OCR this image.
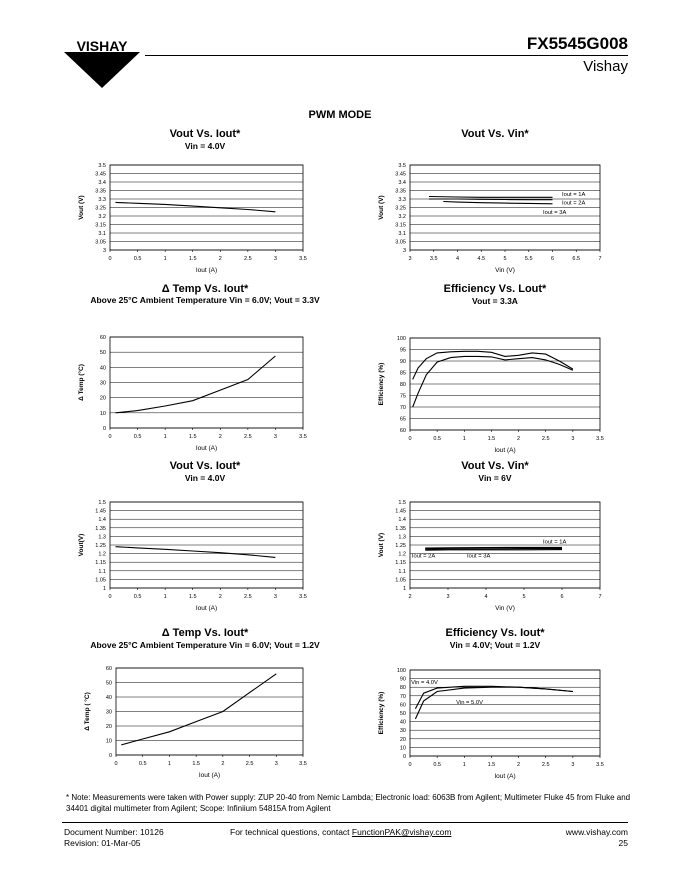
VISHAY	FX5545G008
Vishay
PWM MODE
Vout Vs. Iout*
Vin = 4.0V
Vout Vs. Vin*
Δ Temp Vs. Iout*
Above 25°C Ambient Temperature Vin = 6.0V; Vout = 3.3V
Efficiency Vs. Lout*
Vout = 3.3A
Vout Vs. Iout*
Vin = 4.0V
Vout Vs. Vin*
Vin = 6V
Δ Temp Vs. Iout*
Above 25°C Ambient Temperature Vin = 6.0V; Vout = 1.2V
Efficiency Vs. Iout*
Vin = 4.0V; Vout = 1.2V
3
3.05
3.1
3.15
3.2
3.25
3.3
3.35
3.4
3.45
3.5
0	0.5	1	1.5	2	2.5	3	3.5
Iout (A)
Vout (V)
3
3.05
3.1
3.15
3.2
3.25
3.3
3.35
3.4
3.45
3.5
3	3.5	4	4.5	5	5.5	6	6.5	7
Vin (V)
Vout (V)
Iout = 1A
Iout = 2A
Iout = 3A
0
10
20
30
40
50
60
0	0.5	1	1.5	2	2.5	3	3.5
Iout (A)
Δ Temp (°C)
60
65
70
75
80
85
90
95
100
0	0.5	1	1.5	2	2.5	3	3.5
Iout (A)
Efficiency (%)
1
1.05
1.1
1.15
1.2
1.25
1.3
1.35
1.4
1.45
1.5
0	0.5	1	1.5	2	2.5	3	3.5
Iout (A)
Vout(V)
1
1.05
1.1
1.15
1.2
1.25
1.3
1.35
1.4
1.45
1.5
2	3	4	5	6	7
Vin (V)
Vout (V)	Iout = 1A
Iout = 2A	Iout = 3A
0
10
20
30
40
50
60
0	0.5	1	1.5	2	2.5	3	3.5
Iout (A)
Δ Temp ( °C)
0
10
20
30
40
50
60
70
80
90
100
0	0.5	1	1.5	2	2.5	3	3.5
Iout (A)
Efficiency (%)
Vin = 4.0V
Vin = 5.0V
* Note: Measurements were taken with Power supply: ZUP 20-40 from Nemic Lambda; Electronic load: 6063B from Agilent; Multimeter Fluke 45 from Fluke and 34401 digital multimeter from Agilent; Scope: Infiniium 54815A from Agilent
Document Number: 10126
Revision: 01-Mar-05
For technical questions, contact FunctionPAK@vishay.com	www.vishay.com
25
